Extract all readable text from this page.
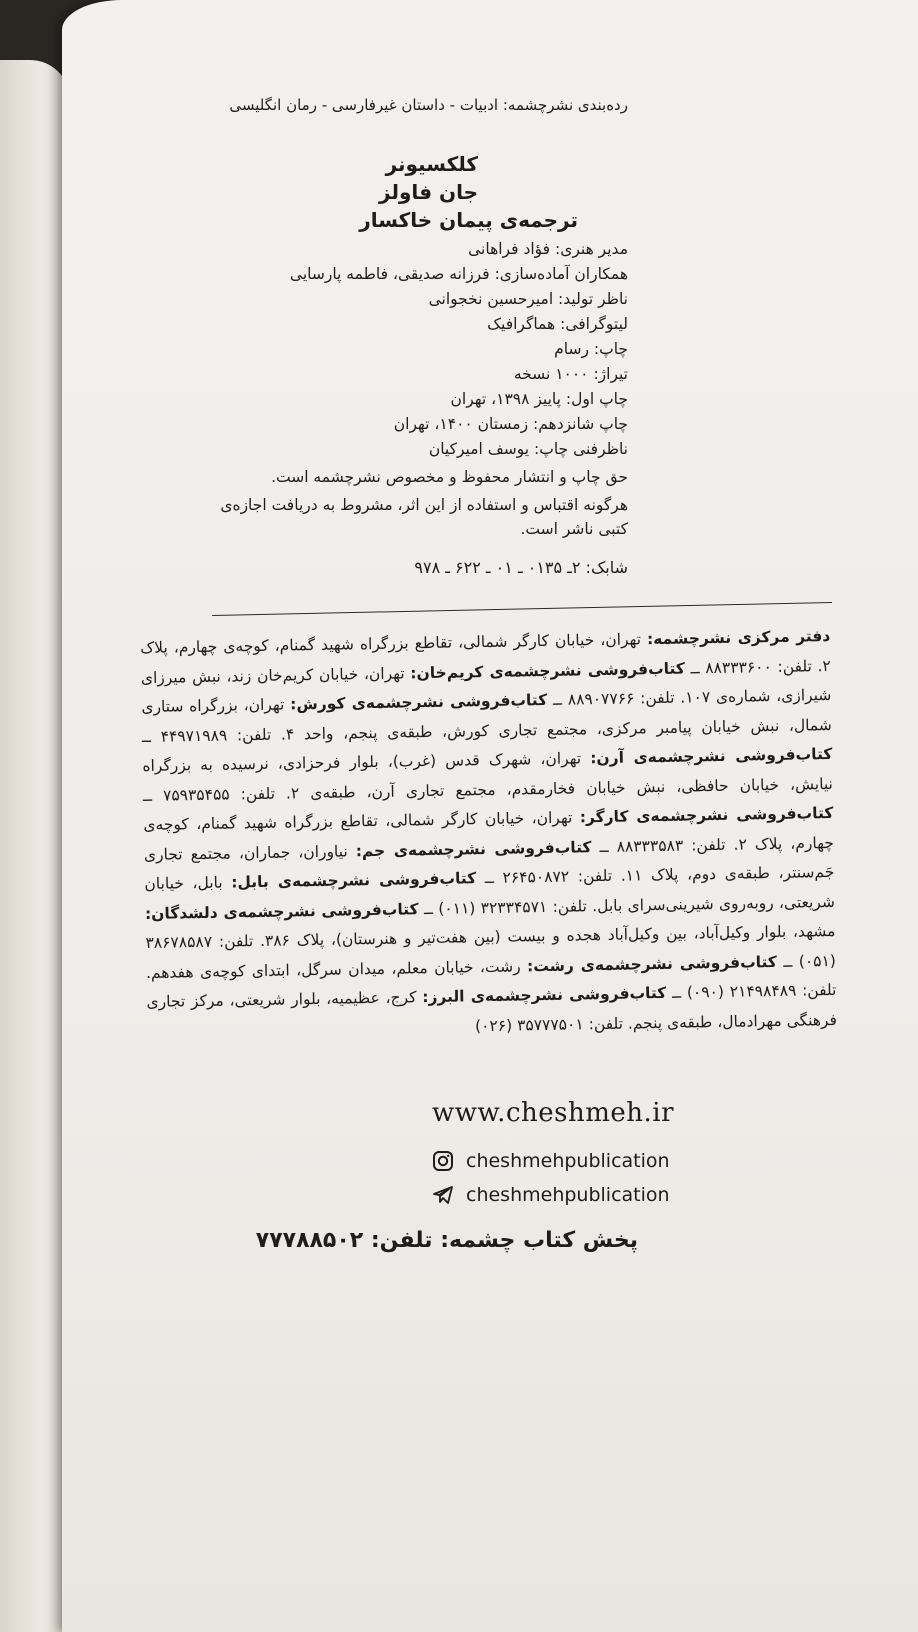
رده‌بندی نشرچشمه: ادبیات - داستان غیرفارسی - رمان انگلیسی
کلکسیونر
جان فاولز
ترجمه‌ی پیمان خاکسار
مدیر هنری: فؤاد فراهانی
همکاران آماده‌سازی: فرزانه صدیقی، فاطمه پارسایی
ناظر تولید: امیرحسین نخجوانی
لیتوگرافی: هماگرافیک
چاپ: رسام
تیراژ: ۱۰۰۰ نسخه
چاپ اول: پاییز ۱۳۹۸، تهران
چاپ شانزدهم: زمستان ۱۴۰۰، تهران
ناظرفنی چاپ: یوسف امیرکیان
حق چاپ و انتشار محفوظ و مخصوص نشرچشمه است.
هرگونه اقتباس و استفاده از این اثر، مشروط به دریافت اجازه‌ی کتبی ناشر است.
شابک: ۲ـ ۰۱۳۵ ـ ۰۱ ـ ۶۲۲ ـ ۹۷۸
دفتر مرکزی نشرچشمه: تهران، خیابان کارگر شمالی، تقاطع بزرگراه شهید گمنام، کوچه‌ی چهارم، پلاک ۲. تلفن: ۸۸۳۳۳۶۰۰ ــ کتاب‌فروشی نشرچشمه‌ی کریم‌خان: تهران، خیابان کریم‌خان زند، نبش میرزای شیرازی، شماره‌ی ۱۰۷. تلفن: ۸۸۹۰۷۷۶۶ ــ کتاب‌فروشی نشرچشمه‌ی کورش: تهران، بزرگراه ستاری شمال، نبش خیابان پیامبر مرکزی، مجتمع تجاری کورش، طبقه‌ی پنجم، واحد ۴. تلفن: ۴۴۹۷۱۹۸۹ ــ کتاب‌فروشی نشرچشمه‌ی آرن: تهران، شهرک قدس (غرب)، بلوار فرحزادی، نرسیده به بزرگراه نیایش، خیابان حافظی، نبش خیابان فخارمقدم، مجتمع تجاری آرن، طبقه‌ی ۲. تلفن: ۷۵۹۳۵۴۵۵ ــ کتاب‌فروشی نشرچشمه‌ی کارگر: تهران، خیابان کارگر شمالی، تقاطع بزرگراه شهید گمنام، کوچه‌ی چهارم، پلاک ۲. تلفن: ۸۸۳۳۳۵۸۳ ــ کتاب‌فروشی نشرچشمه‌ی جم: نیاوران، جماران، مجتمع تجاری جَم‌سنتر، طبقه‌ی دوم، پلاک ۱۱. تلفن: ۲۶۴۵۰۸۷۲ ــ کتاب‌فروشی نشرچشمه‌ی بابل: بابل، خیابان شریعتی، روبه‌روی شیرینی‌سرای بابل. تلفن: ۳۲۳۳۴۵۷۱ (۰۱۱) ــ کتاب‌فروشی نشرچشمه‌ی دلشدگان: مشهد، بلوار وکیل‌آباد، بین وکیل‌آباد هجده و بیست (بین هفت‌تیر و هنرستان)، پلاک ۳۸۶. تلفن: ۳۸۶۷۸۵۸۷ (۰۵۱) ــ کتاب‌فروشی نشرچشمه‌ی رشت: رشت، خیابان معلم، میدان سرگل، ابتدای کوچه‌ی هفدهم. تلفن: ۲۱۴۹۸۴۸۹ (۰۹۰) ــ کتاب‌فروشی نشرچشمه‌ی البرز: کرج، عظیمیه، بلوار شریعتی، مرکز تجاری فرهنگی مهرادمال، طبقه‌ی پنجم. تلفن: ۳۵۷۷۷۵۰۱ (۰۲۶)
www.cheshmeh.ir
cheshmehpublication
cheshmehpublication
پخش کتاب چشمه: تلفن: ۷۷۷۸۸۵۰۲
